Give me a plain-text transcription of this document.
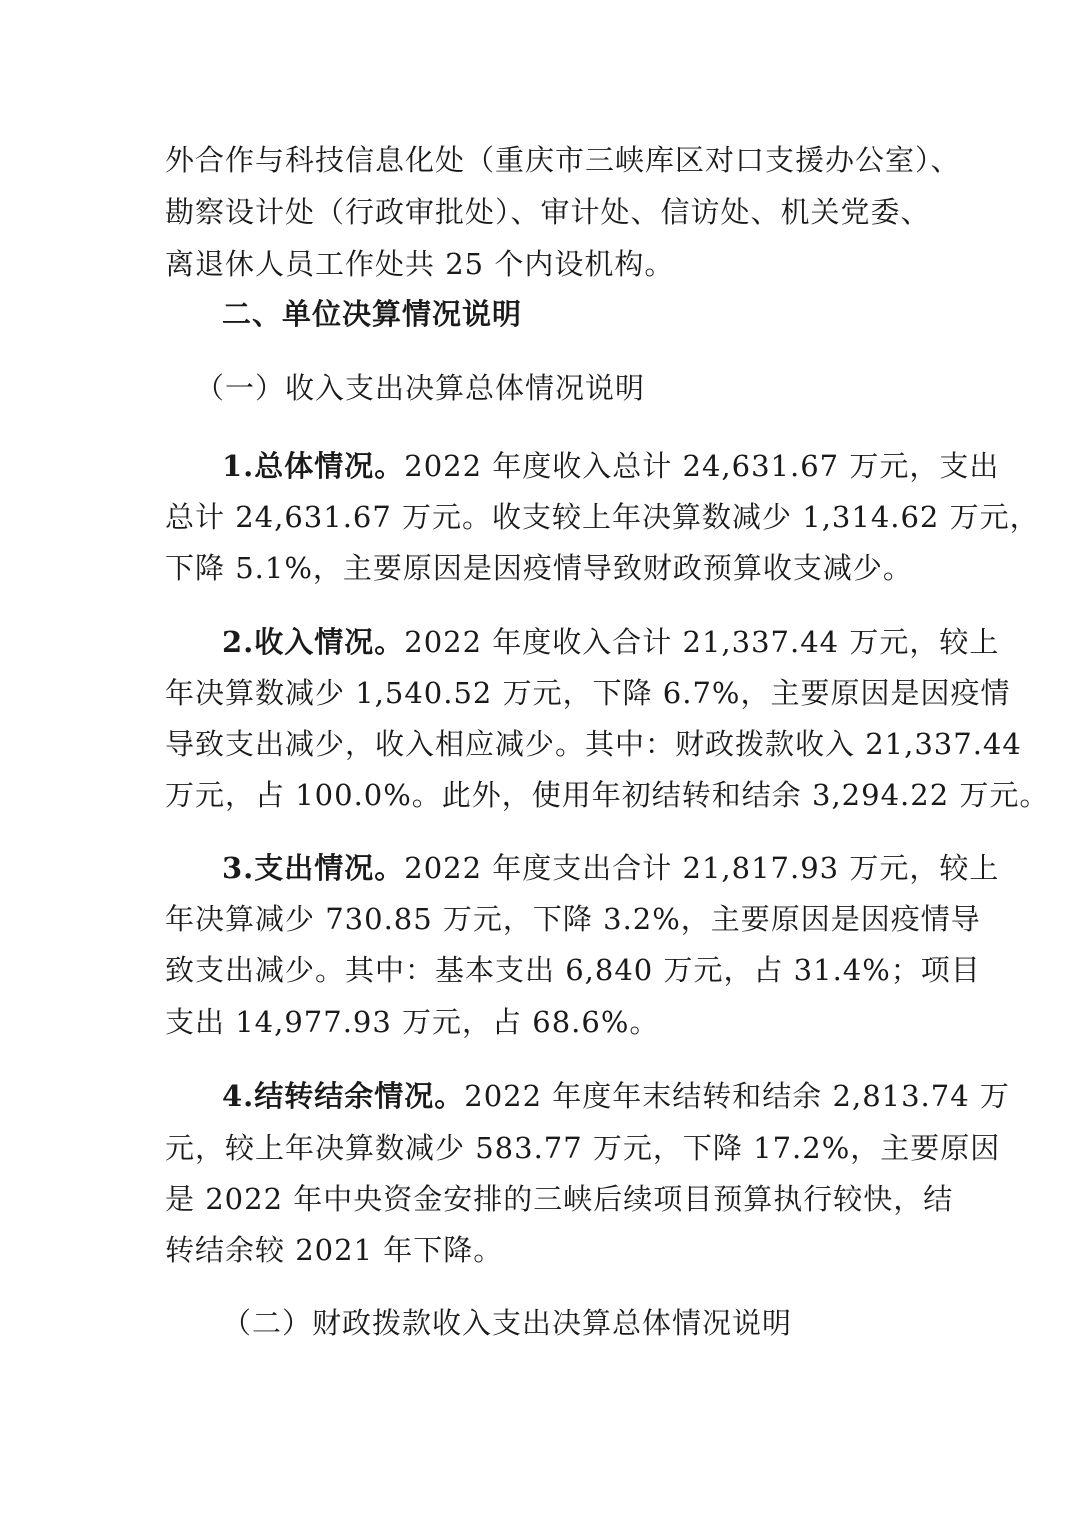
外合作与科技信息化处（重庆市三峡库区对口支援办公室）、
勘察设计处（行政审批处）、审计处、信访处、机关党委、
离退休人员工作处共 25 个内设机构。
二、单位决算情况说明
（一）收入支出决算总体情况说明
1.总体情况。2022 年度收入总计 24,631.67 万元，支出
总计 24,631.67 万元。收支较上年决算数减少 1,314.62 万元，
下降 5.1%，主要原因是因疫情导致财政预算收支减少。
2.收入情况。2022 年度收入合计 21,337.44 万元，较上
年决算数减少 1,540.52 万元，下降 6.7%，主要原因是因疫情
导致支出减少，收入相应减少。其中：财政拨款收入 21,337.44
万元，占 100.0%。此外，使用年初结转和结余 3,294.22 万元。
3.支出情况。2022 年度支出合计 21,817.93 万元，较上
年决算减少 730.85 万元，下降 3.2%，主要原因是因疫情导
致支出减少。其中：基本支出 6,840 万元，占 31.4%；项目
支出 14,977.93 万元，占 68.6%。
4.结转结余情况。2022 年度年末结转和结余 2,813.74 万
元，较上年决算数减少 583.77 万元，下降 17.2%，主要原因
是 2022 年中央资金安排的三峡后续项目预算执行较快，结
转结余较 2021 年下降。
（二）财政拨款收入支出决算总体情况说明
